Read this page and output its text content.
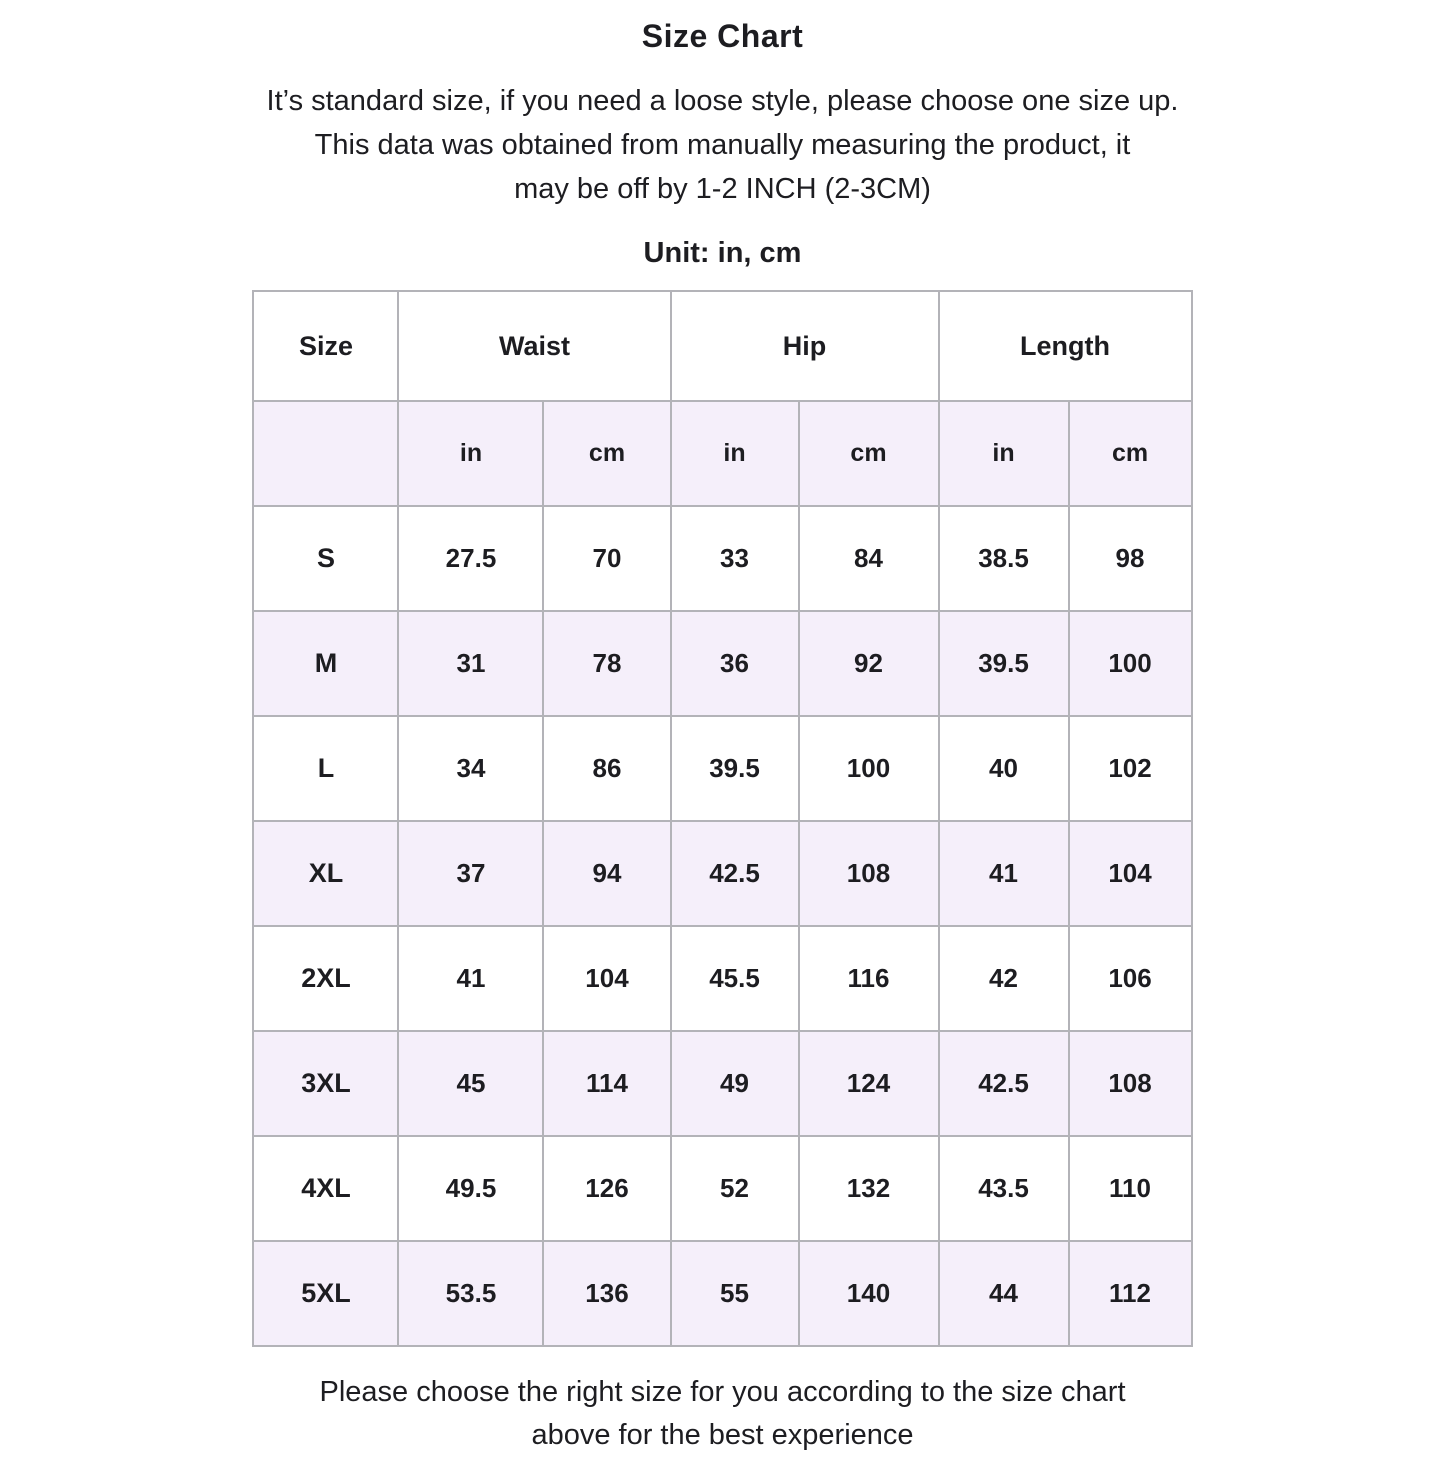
Size Chart

It’s standard size, if you need a loose style, please choose one size up.
This data was obtained from manually measuring the product, it
may be off by 1-2 INCH (2-3CM)

Unit: in, cm
Size	Waist		Hip		Length	
	in	cm	in	cm	in	cm
S	27.5	70	33	84	38.5	98
M	31	78	36	92	39.5	100
L	34	86	39.5	100	40	102
XL	37	94	42.5	108	41	104
2XL	41	104	45.5	116	42	106
3XL	45	114	49	124	42.5	108
4XL	49.5	126	52	132	43.5	110
5XL	53.5	136	55	140	44	112

Please choose the right size for you according to the size chart
above for the best experience
